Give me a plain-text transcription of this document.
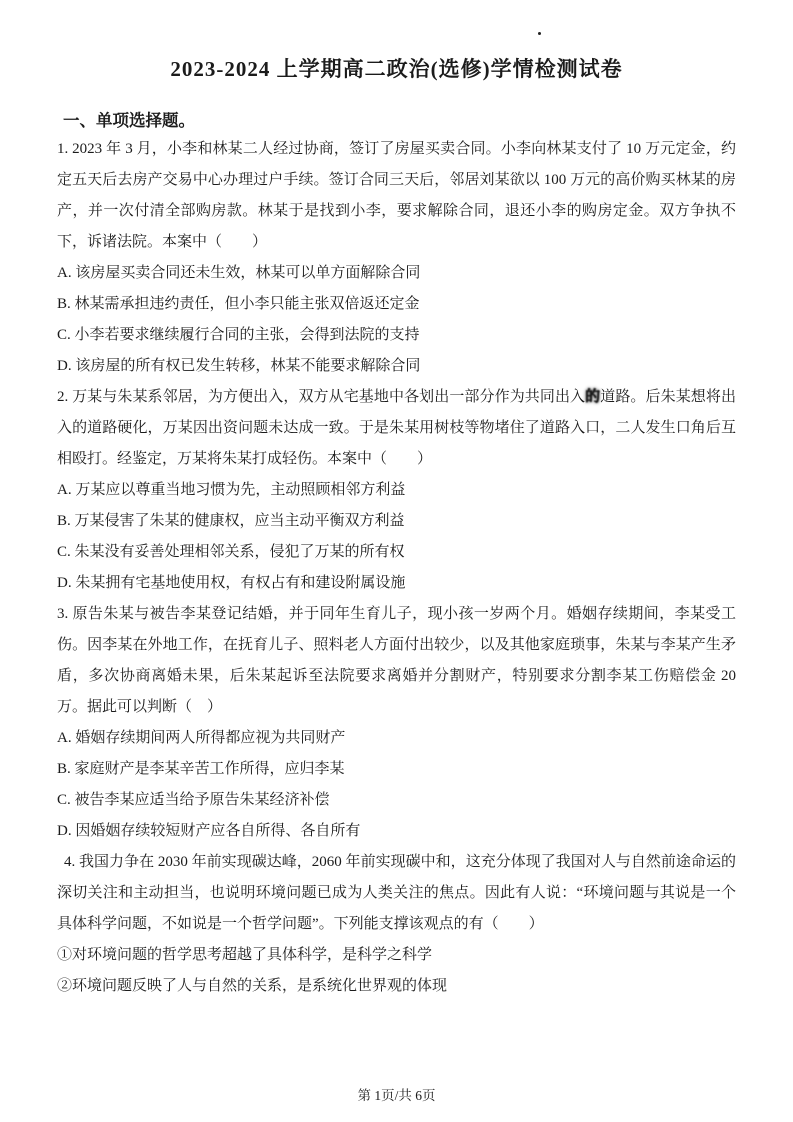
2023-2024 上学期高二政治(选修)学情检测试卷
一、单项选择题。

1. 2023 年 3 月，小李和林某二人经过协商，签订了房屋买卖合同。小李向林某支付了 10 万元定金，约定五天后去房产交易中心办理过户手续。签订合同三天后，邻居刘某欲以 100 万元的高价购买林某的房产，并一次付清全部购房款。林某于是找到小李，要求解除合同，退还小李的购房定金。双方争执不下，诉诸法院。本案中（　　）

A. 该房屋买卖合同还未生效，林某可以单方面解除合同

B. 林某需承担违约责任，但小李只能主张双倍返还定金

C. 小李若要求继续履行合同的主张，会得到法院的支持

D. 该房屋的所有权已发生转移，林某不能要求解除合同

2. 万某与朱某系邻居，为方便出入，双方从宅基地中各划出一部分作为共同出入的道路。后朱某想将出入的道路硬化，万某因出资问题未达成一致。于是朱某用树枝等物堵住了道路入口，二人发生口角后互相殴打。经鉴定，万某将朱某打成轻伤。本案中（　　）

A. 万某应以尊重当地习惯为先，主动照顾相邻方利益

B. 万某侵害了朱某的健康权，应当主动平衡双方利益

C. 朱某没有妥善处理相邻关系，侵犯了万某的所有权

D. 朱某拥有宅基地使用权，有权占有和建设附属设施

3. 原告朱某与被告李某登记结婚，并于同年生育儿子，现小孩一岁两个月。婚姻存续期间，李某受工伤。因李某在外地工作，在抚育儿子、照料老人方面付出较少，以及其他家庭琐事，朱某与李某产生矛盾，多次协商离婚未果，后朱某起诉至法院要求离婚并分割财产，特别要求分割李某工伤赔偿金 20 万。据此可以判断（　）

A. 婚姻存续期间两人所得都应视为共同财产

B. 家庭财产是李某辛苦工作所得，应归李某

C. 被告李某应适当给予原告朱某经济补偿

D. 因婚姻存续较短财产应各自所得、各自所有

4. 我国力争在 2030 年前实现碳达峰，2060 年前实现碳中和，这充分体现了我国对人与自然前途命运的深切关注和主动担当，也说明环境问题已成为人类关注的焦点。因此有人说：“环境问题与其说是一个具体科学问题，不如说是一个哲学问题”。下列能支撑该观点的有（　　）

①对环境问题的哲学思考超越了具体科学，是科学之科学

②环境问题反映了人与自然的关系，是系统化世界观的体现

第 1页/共 6页
